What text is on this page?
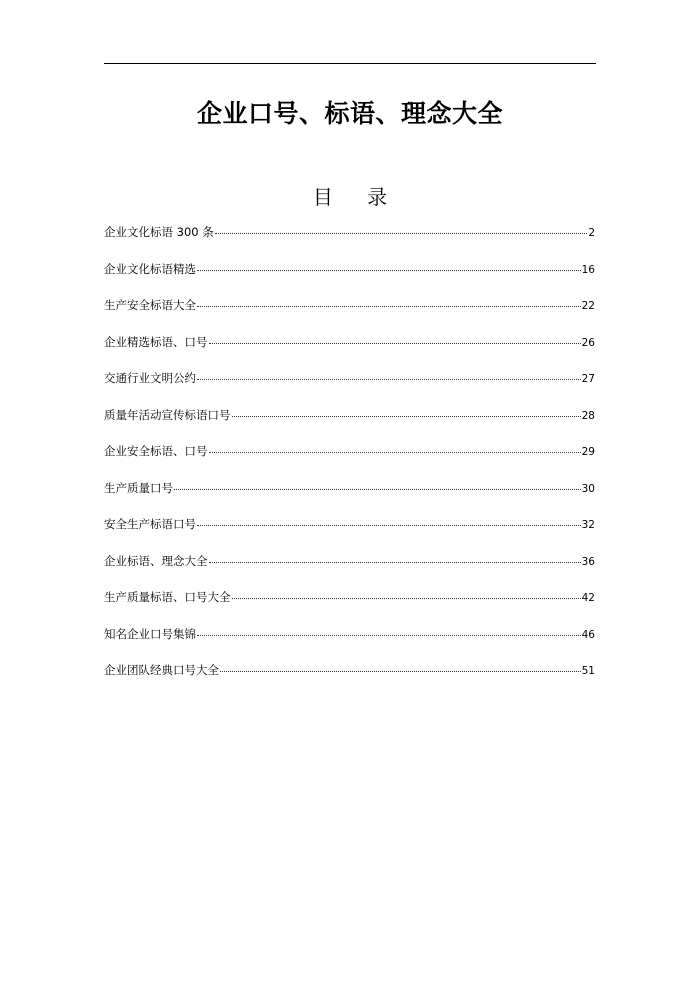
企业口号、标语、理念大全
目 录
企业文化标语 300 条	2
企业文化标语精选	16
生产安全标语大全	22
企业精选标语、口号	26
交通行业文明公约	27
质量年活动宣传标语口号	28
企业安全标语、口号	29
生产质量口号	30
安全生产标语口号	32
企业标语、理念大全	36
生产质量标语、口号大全	42
知名企业口号集锦	46
企业团队经典口号大全	51
